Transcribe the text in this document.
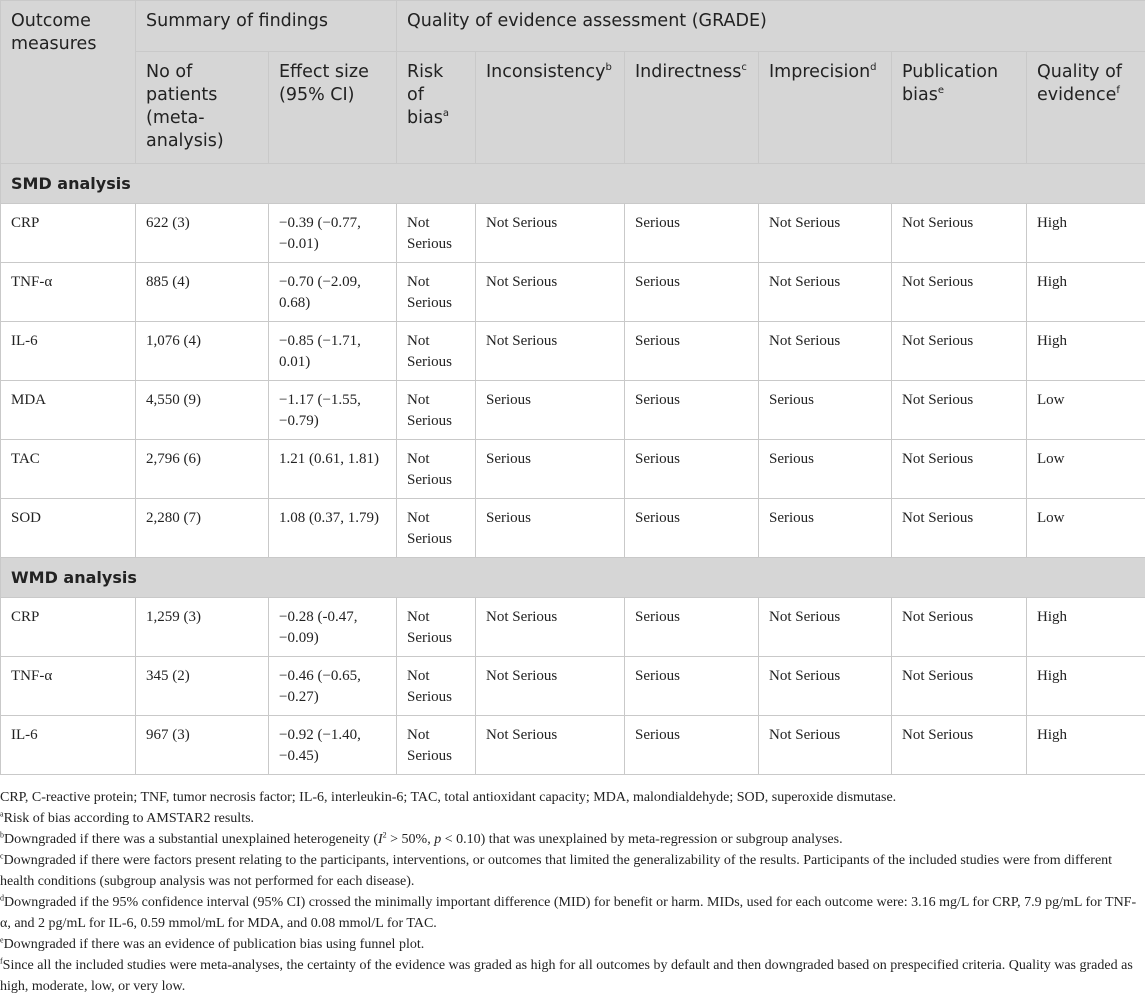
Outcome measures	Summary of findings		Quality of evidence assessment (GRADE)					
	No of patients (meta-analysis)	Effect size (95% CI)	Risk of bias$^a$	Inconsistency$^b$	Indirectness$^c$	Imprecision$^d$	Publication bias$^e$	Quality of evidence$^f$
SMD analysis								
CRP	622 (3)	−0.39 (−0.77, −0.01)	Not Serious	Not Serious	Serious	Not Serious	Not Serious	High
TNF-α	885 (4)	−0.70 (−2.09, 0.68)	Not Serious	Not Serious	Serious	Not Serious	Not Serious	High
IL-6	1,076 (4)	−0.85 (−1.71, 0.01)	Not Serious	Not Serious	Serious	Not Serious	Not Serious	High
MDA	4,550 (9)	−1.17 (−1.55, −0.79)	Not Serious	Serious	Serious	Serious	Not Serious	Low
TAC	2,796 (6)	1.21 (0.61, 1.81)	Not Serious	Serious	Serious	Serious	Not Serious	Low
SOD	2,280 (7)	1.08 (0.37, 1.79)	Not Serious	Serious	Serious	Serious	Not Serious	Low
WMD analysis								
CRP	1,259 (3)	−0.28 (-0.47, −0.09)	Not Serious	Not Serious	Serious	Not Serious	Not Serious	High
TNF-α	345 (2)	−0.46 (−0.65, −0.27)	Not Serious	Not Serious	Serious	Not Serious	Not Serious	High
IL-6	967 (3)	−0.92 (−1.40, −0.45)	Not Serious	Not Serious	Serious	Not Serious	Not Serious	High

CRP, C-reactive protein; TNF, tumor necrosis factor; IL-6, interleukin-6; TAC, total antioxidant capacity; MDA, malondialdehyde; SOD, superoxide dismutase.

$^a$Risk of bias according to AMSTAR2 results.

$^b$Downgraded if there was a substantial unexplained heterogeneity ($I^2 > 50\%$, p < 0.10) that was unexplained by meta-regression or subgroup analyses.

$^c$Downgraded if there were factors present relating to the participants, interventions, or outcomes that limited the generalizability of the results. Participants of the included studies were from different health conditions (subgroup analysis was not performed for each disease).

$^d$Downgraded if the 95% confidence interval (95% CI) crossed the minimally important difference (MID) for benefit or harm. MIDs, used for each outcome were: 3.16 mg/L for CRP, 7.9 pg/mL for TNF-α, and 2 pg/mL for IL-6, 0.59 mmol/mL for MDA, and 0.08 mmol/L for TAC.

$^e$Downgraded if there was an evidence of publication bias using funnel plot.

$^f$Since all the included studies were meta-analyses, the certainty of the evidence was graded as high for all outcomes by default and then downgraded based on prespecified criteria. Quality was graded as high, moderate, low, or very low.
